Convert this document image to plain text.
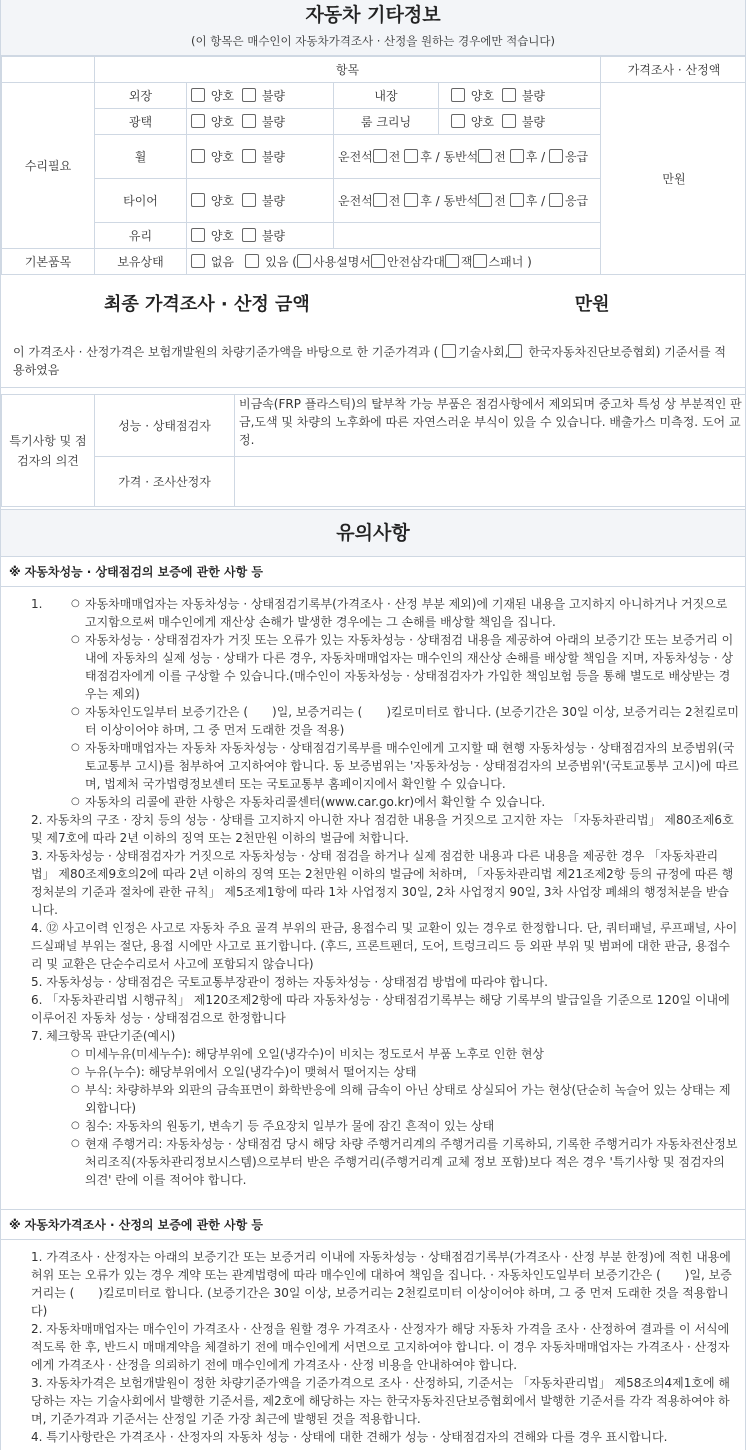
자동차 기타정보
(이 항목은 매수인이 자동차가격조사 · 산정을 원하는 경우에만 적습니다)
	항목				가격조사 · 산정액
수리필요	외장	양호 불량	내장	양호 불량	만원
	광택	양호 불량	룸 크리닝	양호 불량	
	휠	양호 불량	운전석 전 후 / 동반석 전 후 / 응급		
	타이어	양호 불량	운전석 전 후 / 동반석 전 후 / 응급		
	유리	양호 불량			
기본품목	보유상태	없음 있음 ( 사용설명서 안전삼각대 잭 스패너 )			
최종 가격조사 · 산정 금액	만원
이 가격조사 · 산정가격은 보험개발원의 차량기준가액을 바탕으로 한 기준가격과 ( 기술사회, 한국자동차진단보증협회) 기준서를 적용하였음
특기사항 및 점검자의 의견	성능 · 상태점검자	비금속(FRP 플라스틱)의 탈부착 가능 부품은 점검사항에서 제외되며 중고차 특성 상 부분적인 판금,도색 및 차량의 노후화에 따른 자연스러운 부식이 있을 수 있습니다. 배출가스 미측정. 도어 교정.
	가격 · 조사산정자	
유의사항
※ 자동차성능 · 상태점검의 보증에 관한 사항 등
1.	○ 자동차매매업자는 자동차성능 · 상태점검기록부(가격조사 · 산정 부분 제외)에 기재된 내용을 고지하지 아니하거나 거짓으로 고지함으로써 매수인에게 재산상 손해가 발생한 경우에는 그 손해를 배상할 책임을 집니다.
○ 자동차성능 · 상태점검자가 거짓 또는 오류가 있는 자동차성능 · 상태점검 내용을 제공하여 아래의 보증기간 또는 보증거리 이내에 자동차의 실제 성능 · 상태가 다른 경우, 자동차매매업자는 매수인의 재산상 손해를 배상할 책임을 지며, 자동차성능 · 상태점검자에게 이를 구상할 수 있습니다.(매수인이 자동차성능 · 상태점검자가 가입한 책임보험 등을 통해 별도로 배상받는 경우는 제외)
○ 자동차인도일부터 보증기간은 (　　)일, 보증거리는 (　　)킬로미터로 합니다. (보증기간은 30일 이상, 보증거리는 2천킬로미터 이상이어야 하며, 그 중 먼저 도래한 것을 적용)
○ 자동차매매업자는 자동차 자동차성능 · 상태점검기록부를 매수인에게 고지할 때 현행 자동차성능 · 상태점검자의 보증범위(국토교통부 고시)를 첨부하여 고지하여야 합니다. 동 보증범위는 '자동차성능 · 상태점검자의 보증범위'(국토교통부 고시)에 따르며, 법제처 국가법령정보센터 또는 국토교통부 홈페이지에서 확인할 수 있습니다.
○ 자동차의 리콜에 관한 사항은 자동차리콜센터(www.car.go.kr)에서 확인할 수 있습니다.
2. 자동차의 구조 · 장치 등의 성능 · 상태를 고지하지 아니한 자나 점검한 내용을 거짓으로 고지한 자는 「자동차관리법」 제80조제6호 및 제7호에 따라 2년 이하의 징역 또는 2천만원 이하의 벌금에 처합니다.
3. 자동차성능 · 상태점검자가 거짓으로 자동차성능 · 상태 점검을 하거나 실제 점검한 내용과 다른 내용을 제공한 경우 「자동차관리법」 제80조제9호의2에 따라 2년 이하의 징역 또는 2천만원 이하의 벌금에 처하며, 「자동차관리법 제21조제2항 등의 규정에 따른 행정처분의 기준과 절차에 관한 규칙」 제5조제1항에 따라 1차 사업정지 30일, 2차 사업정지 90일, 3차 사업장 폐쇄의 행정처분을 받습니다.
4. ⑫ 사고이력 인정은 사고로 자동차 주요 골격 부위의 판금, 용접수리 및 교환이 있는 경우로 한정합니다. 단, 쿼터패널, 루프패널, 사이드실패널 부위는 절단, 용접 시에만 사고로 표기합니다. (후드, 프론트펜더, 도어, 트렁크리드 등 외판 부위 및 범퍼에 대한 판금, 용접수리 및 교환은 단순수리로서 사고에 포함되지 않습니다)
5. 자동차성능 · 상태점검은 국토교통부장관이 정하는 자동차성능 · 상태점검 방법에 따라야 합니다.
6. 「자동차관리법 시행규칙」 제120조제2항에 따라 자동차성능 · 상태점검기록부는 해당 기록부의 발급일을 기준으로 120일 이내에 이루어진 자동차 성능 · 상태점검으로 한정합니다
7. 체크항목 판단기준(예시)
○ 미세누유(미세누수): 해당부위에 오일(냉각수)이 비치는 정도로서 부품 노후로 인한 현상
○ 누유(누수): 해당부위에서 오일(냉각수)이 맺혀서 떨어지는 상태
○ 부식: 차량하부와 외판의 금속표면이 화학반응에 의해 금속이 아닌 상태로 상실되어 가는 현상(단순히 녹슬어 있는 상태는 제외합니다)
○ 침수: 자동차의 원동기, 변속기 등 주요장치 일부가 물에 잠긴 흔적이 있는 상태
○ 현재 주행거리: 자동차성능 · 상태점검 당시 해당 차량 주행거리계의 주행거리를 기록하되, 기록한 주행거리가 자동차전산정보처리조직(자동차관리정보시스템)으로부터 받은 주행거리(주행거리계 교체 정보 포함)보다 적은 경우 '특기사항 및 점검자의 의견' 란에 이를 적어야 합니다.
※ 자동차가격조사 · 산정의 보증에 관한 사항 등
1. 가격조사 · 산정자는 아래의 보증기간 또는 보증거리 이내에 자동차성능 · 상태점검기록부(가격조사 · 산정 부분 한정)에 적힌 내용에 허위 또는 오류가 있는 경우 계약 또는 관계법령에 따라 매수인에 대하여 책임을 집니다. · 자동차인도일부터 보증기간은 (　　)일, 보증거리는 (　　)킬로미터로 합니다. (보증기간은 30일 이상, 보증거리는 2천킬로미터 이상이어야 하며, 그 중 먼저 도래한 것을 적용합니다)
2. 자동차매매업자는 매수인이 가격조사 · 산정을 원할 경우 가격조사 · 산정자가 해당 자동차 가격을 조사 · 산정하여 결과를 이 서식에 적도록 한 후, 반드시 매매계약을 체결하기 전에 매수인에게 서면으로 고지하여야 합니다. 이 경우 자동차매매업자는 가격조사 · 산정자에게 가격조사 · 산정을 의뢰하기 전에 매수인에게 가격조사 · 산정 비용을 안내하여야 합니다.
3. 자동차가격은 보험개발원이 정한 차량기준가액을 기준가격으로 조사 · 산정하되, 기준서는 「자동차관리법」 제58조의4제1호에 해당하는 자는 기술사회에서 발행한 기준서를, 제2호에 해당하는 자는 한국자동차진단보증협회에서 발행한 기준서를 각각 적용하여야 하며, 기준가격과 기준서는 산정일 기준 가장 최근에 발행된 것을 적용합니다.
4. 특기사항란은 가격조사 · 산정자의 자동차 성능 · 상태에 대한 견해가 성능 · 상태점검자의 견해와 다를 경우 표시합니다.
